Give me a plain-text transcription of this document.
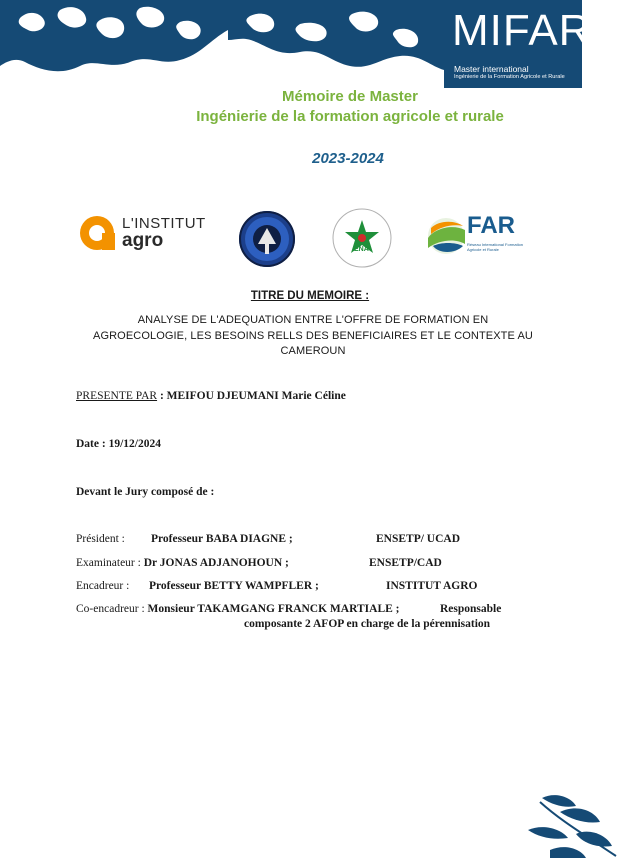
MIFAR
Master international
Ingénierie de la Formation Agricole et Rurale
Mémoire de Master
Ingénierie de la formation agricole et rurale
2023-2024
L'INSTITUT
agro	ENA
FAR
Réseau International Formation Agricole et Rurale
TITRE DU MEMOIRE :
ANALYSE DE L'ADEQUATION ENTRE L'OFFRE DE FORMATION EN
AGROECOLOGIE, LES BESOINS RELLS DES BENEFICIAIRES ET LE CONTEXTE AU
CAMEROUN
PRESENTE PAR : MEIFOU DJEUMANI Marie Céline
Date : 19/12/2024
Devant le Jury composé de :
Président : Professeur BABA DIAGNE ;	ENSETP/ UCAD
Examinateur : Dr JONAS ADJANOHOUN ;	ENSETP/CAD
Encadreur : Professeur BETTY WAMPFLER ;	INSTITUT AGRO
Co-encadreur : Monsieur TAKAMGANG FRANCK MARTIALE ;	Responsable
composante 2 AFOP en charge de la pérennisation
